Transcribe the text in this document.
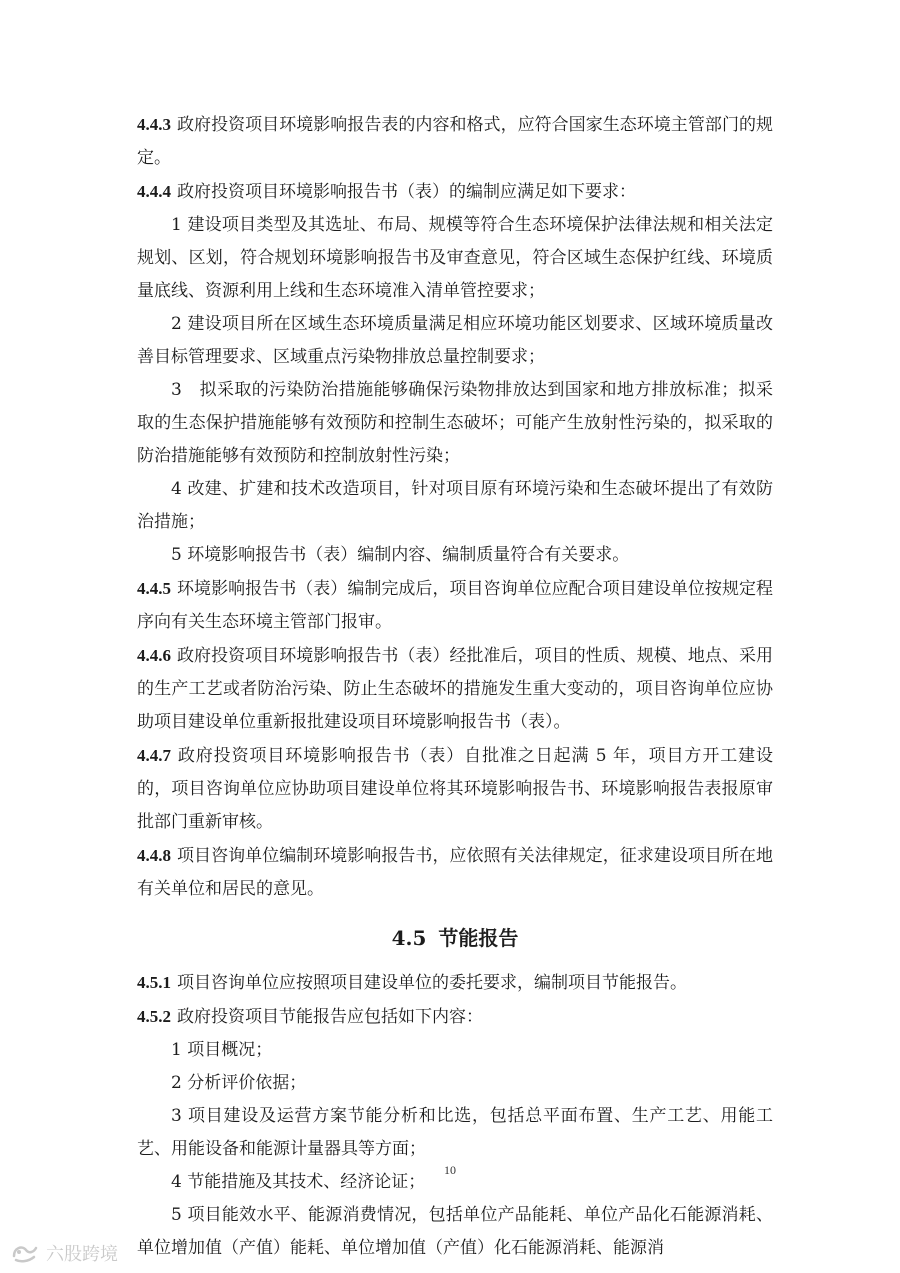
4.4.3 政府投资项目环境影响报告表的内容和格式，应符合国家生态环境主管部门的规定。

4.4.4 政府投资项目环境影响报告书（表）的编制应满足如下要求：

1 建设项目类型及其选址、布局、规模等符合生态环境保护法律法规和相关法定规划、区划，符合规划环境影响报告书及审查意见，符合区域生态保护红线、环境质量底线、资源利用上线和生态环境准入清单管控要求；

2 建设项目所在区域生态环境质量满足相应环境功能区划要求、区域环境质量改善目标管理要求、区域重点污染物排放总量控制要求；

3　拟采取的污染防治措施能够确保污染物排放达到国家和地方排放标准；拟采取的生态保护措施能够有效预防和控制生态破坏；可能产生放射性污染的，拟采取的防治措施能够有效预防和控制放射性污染；

4 改建、扩建和技术改造项目，针对项目原有环境污染和生态破坏提出了有效防治措施；

5 环境影响报告书（表）编制内容、编制质量符合有关要求。

4.4.5 环境影响报告书（表）编制完成后，项目咨询单位应配合项目建设单位按规定程序向有关生态环境主管部门报审。

4.4.6 政府投资项目环境影响报告书（表）经批准后，项目的性质、规模、地点、采用的生产工艺或者防治污染、防止生态破坏的措施发生重大变动的，项目咨询单位应协助项目建设单位重新报批建设项目环境影响报告书（表）。

4.4.7 政府投资项目环境影响报告书（表）自批准之日起满 5 年，项目方开工建设的，项目咨询单位应协助项目建设单位将其环境影响报告书、环境影响报告表报原审批部门重新审核。

4.4.8 项目咨询单位编制环境影响报告书，应依照有关法律规定，征求建设项目所在地有关单位和居民的意见。

4.5 节能报告

4.5.1 项目咨询单位应按照项目建设单位的委托要求，编制项目节能报告。

4.5.2 政府投资项目节能报告应包括如下内容：

1 项目概况；

2 分析评价依据；

3 项目建设及运营方案节能分析和比选，包括总平面布置、生产工艺、用能工艺、用能设备和能源计量器具等方面；

4 节能措施及其技术、经济论证；

5 项目能效水平、能源消费情况，包括单位产品能耗、单位产品化石能源消耗、单位增加值（产值）能耗、单位增加值（产值）化石能源消耗、能源消

10
六股跨境
